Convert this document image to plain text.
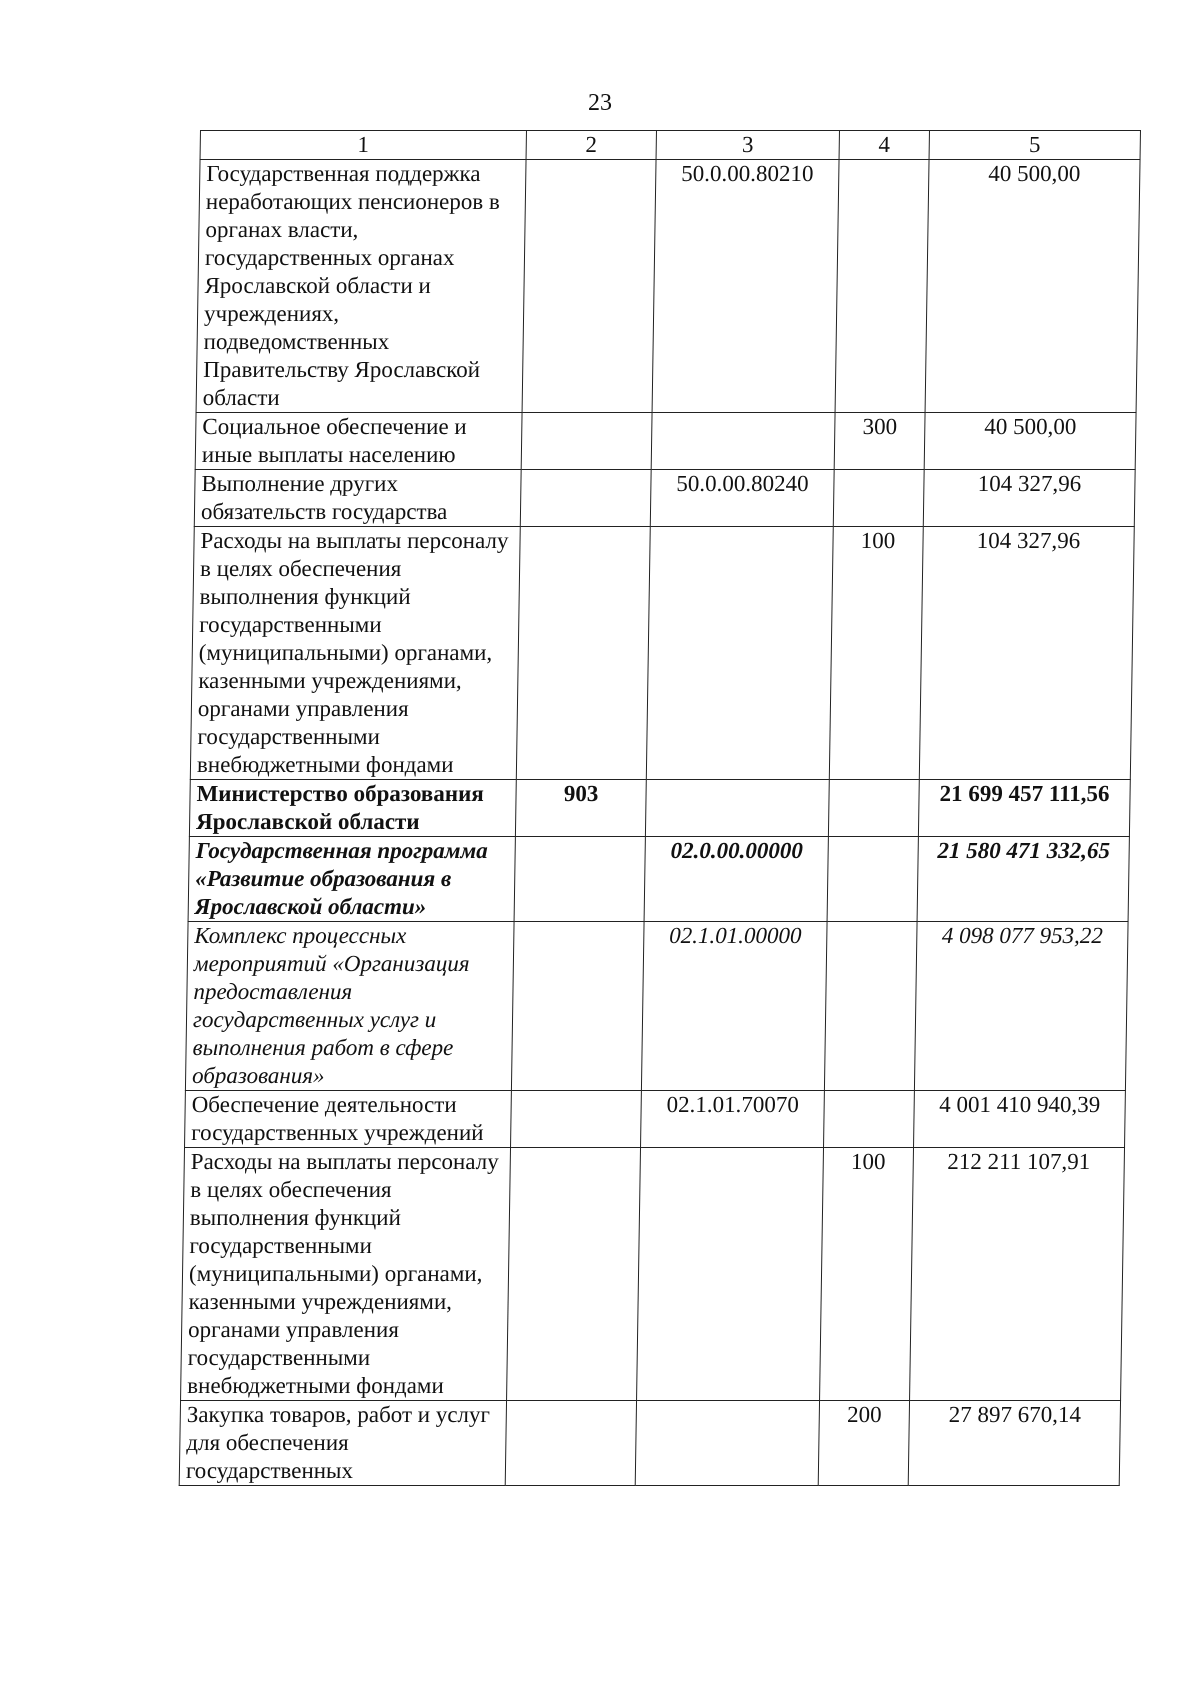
23
1	2	3	4	5
Государственная поддержка неработающих пенсионеров в органах власти, государственных органах Ярославской области и учреждениях, подведомственных Правительству Ярославской области		50.0.00.80210		40 500,00
Социальное обеспечение и иные выплаты населению			300	40 500,00
Выполнение других обязательств государства		50.0.00.80240		104 327,96
Расходы на выплаты персоналу в целях обеспечения выполнения функций государственными (муниципальными) органами, казенными учреждениями, органами управления государственными внебюджетными фондами			100	104 327,96
Министерство образования Ярославской области	903			21 699 457 111,56
Государственная программа «Развитие образования в Ярославской области»		02.0.00.00000		21 580 471 332,65
Комплекс процессных мероприятий «Организация предоставления государственных услуг и выполнения работ в сфере образования»		02.1.01.00000		4 098 077 953,22
Обеспечение деятельности государственных учреждений		02.1.01.70070		4 001 410 940,39
Расходы на выплаты персоналу в целях обеспечения выполнения функций государственными (муниципальными) органами, казенными учреждениями, органами управления государственными внебюджетными фондами			100	212 211 107,91
Закупка товаров, работ и услуг для обеспечения государственных			200	27 897 670,14
